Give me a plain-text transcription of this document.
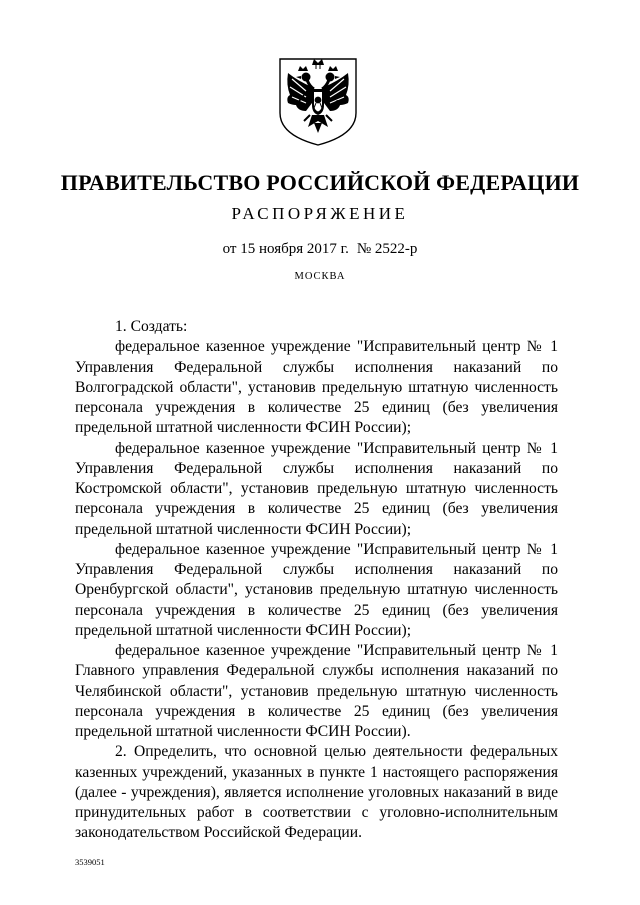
ПРАВИТЕЛЬСТВО РОССИЙСКОЙ ФЕДЕРАЦИИ
РАСПОРЯЖЕНИЕ
от 15 ноября 2017 г. № 2522-р
МОСКВА

1. Создать:

федеральное казенное учреждение "Исправительный центр № 1 Управления Федеральной службы исполнения наказаний по Волгоградской области", установив предельную штатную численность персонала учреждения в количестве 25 единиц (без увеличения предельной штатной численности ФСИН России);

федеральное казенное учреждение "Исправительный центр № 1 Управления Федеральной службы исполнения наказаний по Костромской области", установив предельную штатную численность персонала учреждения в количестве 25 единиц (без увеличения предельной штатной численности ФСИН России);

федеральное казенное учреждение "Исправительный центр № 1 Управления Федеральной службы исполнения наказаний по Оренбургской области", установив предельную штатную численность персонала учреждения в количестве 25 единиц (без увеличения предельной штатной численности ФСИН России);

федеральное казенное учреждение "Исправительный центр № 1 Главного управления Федеральной службы исполнения наказаний по Челябинской области", установив предельную штатную численность персонала учреждения в количестве 25 единиц (без увеличения предельной штатной численности ФСИН России).

2. Определить, что основной целью деятельности федеральных казенных учреждений, указанных в пункте 1 настоящего распоряжения (далее - учреждения), является исполнение уголовных наказаний в виде принудительных работ в соответствии с уголовно-исполнительным законодательством Российской Федерации.

3539051
